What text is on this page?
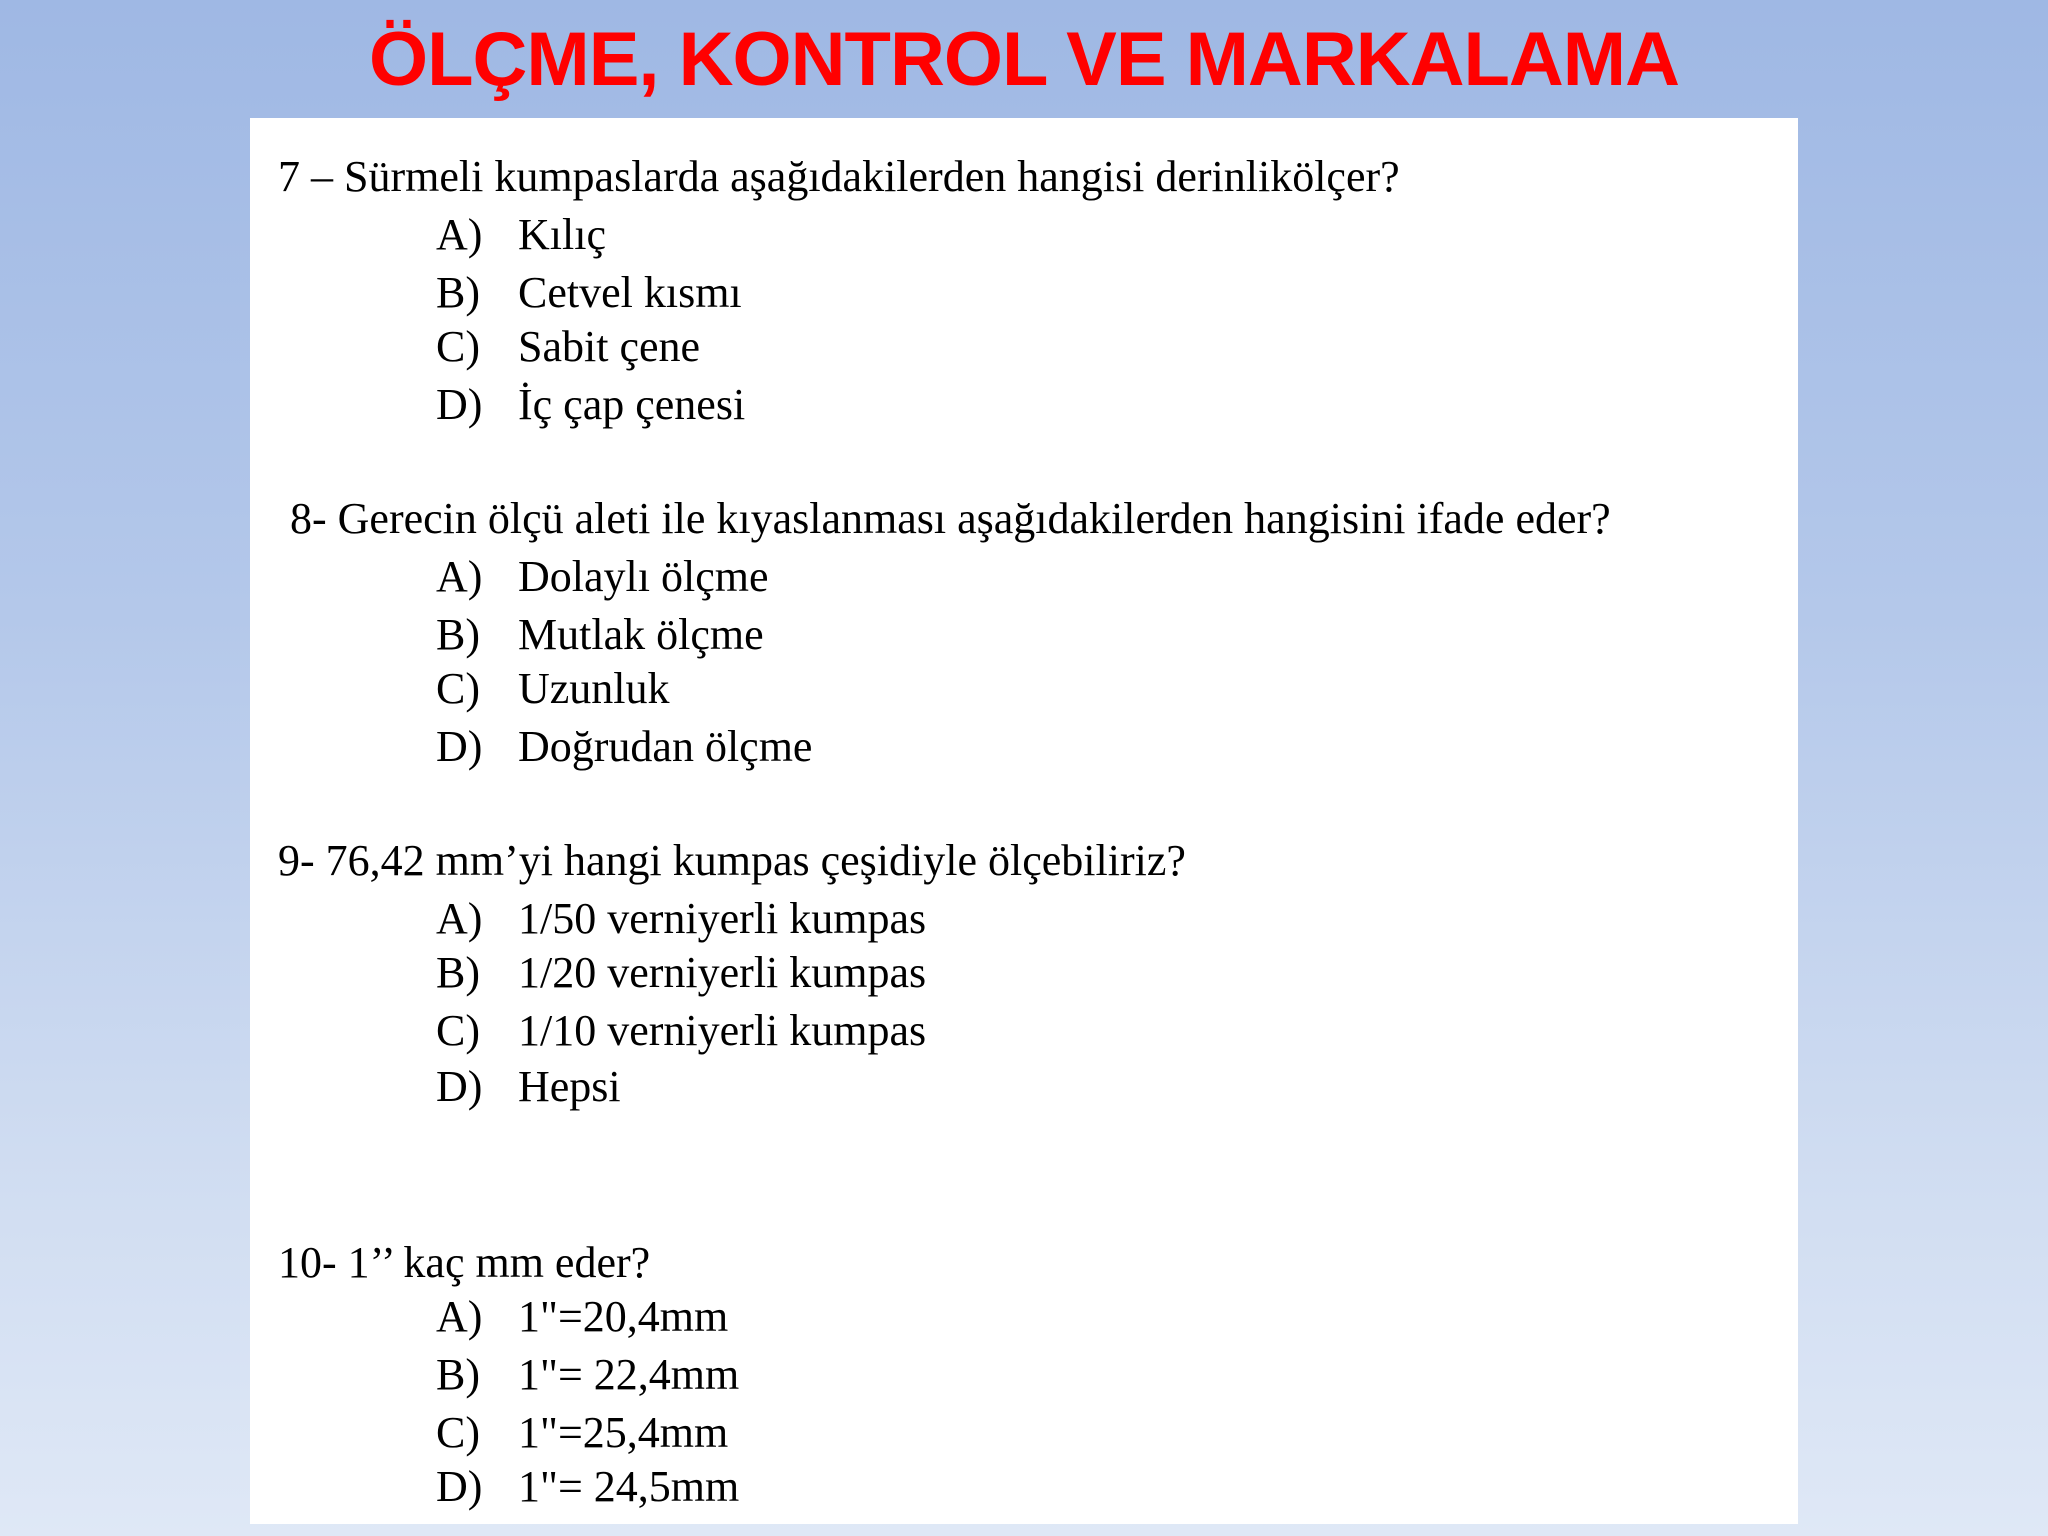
ÖLÇME, KONTROL VE MARKALAMA
7 – Sürmeli kumpaslarda aşağıdakilerden hangisi derinlikölçer?
A) Kılıç
B) Cetvel kısmı
C) Sabit çene
D) İç çap çenesi
8- Gerecin ölçü aleti ile kıyaslanması aşağıdakilerden hangisini ifade eder?
A) Dolaylı ölçme
B) Mutlak ölçme
C) Uzunluk
D) Doğrudan ölçme
9- 76,42 mm’yi hangi kumpas çeşidiyle ölçebiliriz?
A) 1/50 verniyerli kumpas
B) 1/20 verniyerli kumpas
C) 1/10 verniyerli kumpas
D) Hepsi
10- 1’’ kaç mm eder?
A) 1"=20,4mm
B) 1"= 22,4mm
C) 1"=25,4mm
D) 1"= 24,5mm
